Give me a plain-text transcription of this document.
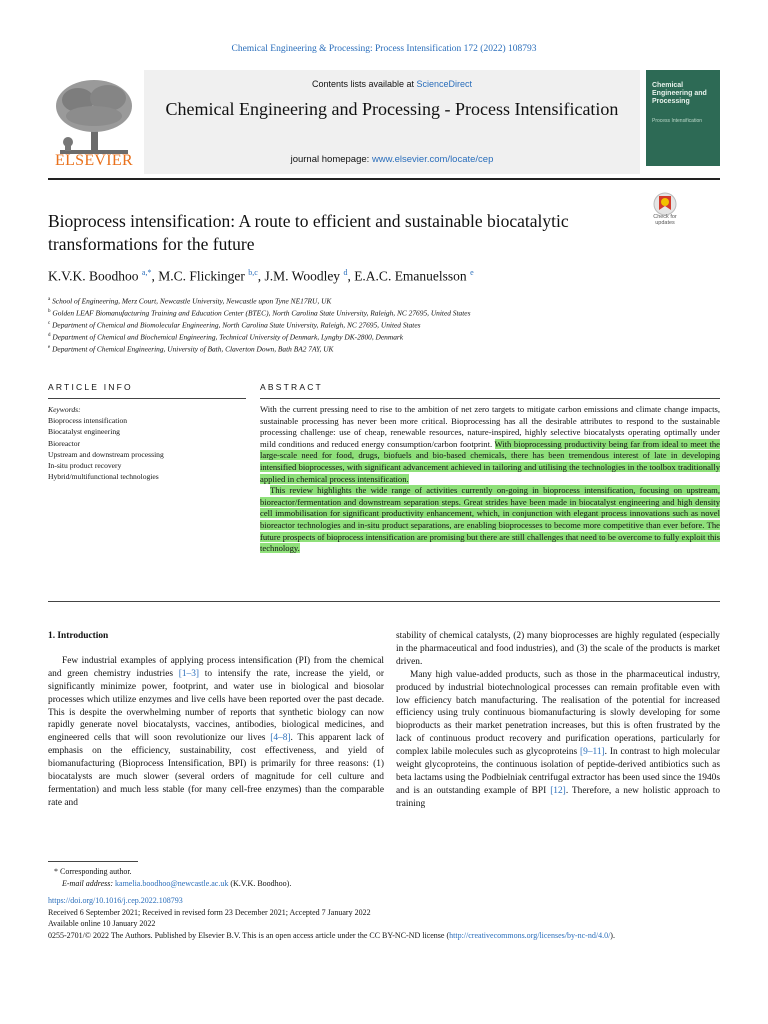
Chemical Engineering & Processing: Process Intensification 172 (2022) 108793
ELSEVIER
Contents lists available at ScienceDirect
Chemical Engineering and Processing - Process Intensification
journal homepage: www.elsevier.com/locate/cep
Chemical Engineering and Processing
Process Intensification
Bioprocess intensification: A route to efficient and sustainable biocatalytic transformations for the future
Check for updates
K.V.K. Boodhoo $^{a,*}$, M.C. Flickinger $^{b,c}$, J.M. Woodley $^d$, E.A.C. Emanuelsson $^e$
$^a$ School of Engineering, Merz Court, Newcastle University, Newcastle upon Tyne NE17RU, UK
$^b$ Golden LEAF Biomanufacturing Training and Education Center (BTEC), North Carolina State University, Raleigh, NC 27695, United States
$^c$ Department of Chemical and Biomolecular Engineering, North Carolina State University, Raleigh, NC 27695, United States
$^d$ Department of Chemical and Biochemical Engineering, Technical University of Denmark, Lyngby DK-2800, Denmark
$^e$ Department of Chemical Engineering, University of Bath, Claverton Down, Bath BA2 7AY, UK
ARTICLE INFO	ABSTRACT
Keywords:
Bioprocess intensification
Biocatalyst engineering
Bioreactor
Upstream and downstream processing
In-situ product recovery
Hybrid/multifunctional technologies

With the current pressing need to rise to the ambition of net zero targets to mitigate carbon emissions and climate change impacts, sustainable processing has never been more critical. Bioprocessing has all the desirable attributes to respond to the sustainable processing challenge: use of cheap, renewable resources, nature-inspired, highly selective biocatalysts operating optimally under mild conditions and reduced energy consumption/carbon footprint. With bioprocessing productivity being far from ideal to meet the large-scale need for food, drugs, biofuels and bio-based chemicals, there has been tremendous interest of late in developing intensified bioprocesses, with significant advancement achieved in tailoring and utilising the technologies in the toolbox traditionally applied in chemical process intensification.

This review highlights the wide range of activities currently on-going in bioprocess intensification, focusing on upstream, bioreactor/fermentation and downstream separation steps. Great strides have been made in biocatalyst engineering and high density cell immobilisation for significant productivity enhancement, which, in conjunction with elegant process innovations such as novel bioreactor technologies and in-situ product separations, are enabling bioprocesses to become more competitive than ever before. The future prospects of bioprocess intensification are promising but there are still challenges that need to be overcome to fully exploit this technology.

1. Introduction

Few industrial examples of applying process intensification (PI) from the chemical and green chemistry industries [1–3] to intensify the rate, increase the yield, or significantly minimize power, footprint, and water use in biological and biosolar processes which utilize enzymes and live cells have been reported over the past decade. This is despite the overwhelming number of reports that synthetic biology can now rapidly generate novel biocatalysts, vaccines, antibodies, biological medicines, and engineered cells that will soon revolutionize our lives [4–8]. This apparent lack of emphasis on the efficiency, sustainability, cost effectiveness, and yield of biomanufacturing (Bioprocess Intensification, BPI) is primarily for three reasons: (1) biocatalysts are much slower (several orders of magnitude for cell culture and fermentation) and much less stable (for many cell-free enzymes) than the comparable rate and

stability of chemical catalysts, (2) many bioprocesses are highly regulated (especially in the pharmaceutical and food industries), and (3) the scale of the products is market driven.

Many high value-added products, such as those in the pharmaceutical industry, produced by industrial biotechnological processes can remain profitable even with low efficiency batch manufacturing. The realisation of the potential for increased efficiency using truly continuous biomanufacturing is slowly developing for some bioproducts as their market penetration increases, but this is often frustrated by the lack of continuous product recovery and purification operations, particularly for complex labile molecules such as glycoproteins [9–11]. In contrast to high molecular weight glycoproteins, the continuous isolation of peptide-derived antibiotics such as beta lactams using the Podbielniak centrifugal extractor has been used since the 1940s and is an outstanding example of BPI [12]. Therefore, a new holistic approach to training

* Corresponding author.
E-mail address: kamelia.boodhoo@newcastle.ac.uk (K.V.K. Boodhoo).
https://doi.org/10.1016/j.cep.2022.108793
Received 6 September 2021; Received in revised form 23 December 2021; Accepted 7 January 2022
Available online 10 January 2022
0255-2701/© 2022 The Authors. Published by Elsevier B.V. This is an open access article under the CC BY-NC-ND license (http://creativecommons.org/licenses/by-nc-nd/4.0/).
